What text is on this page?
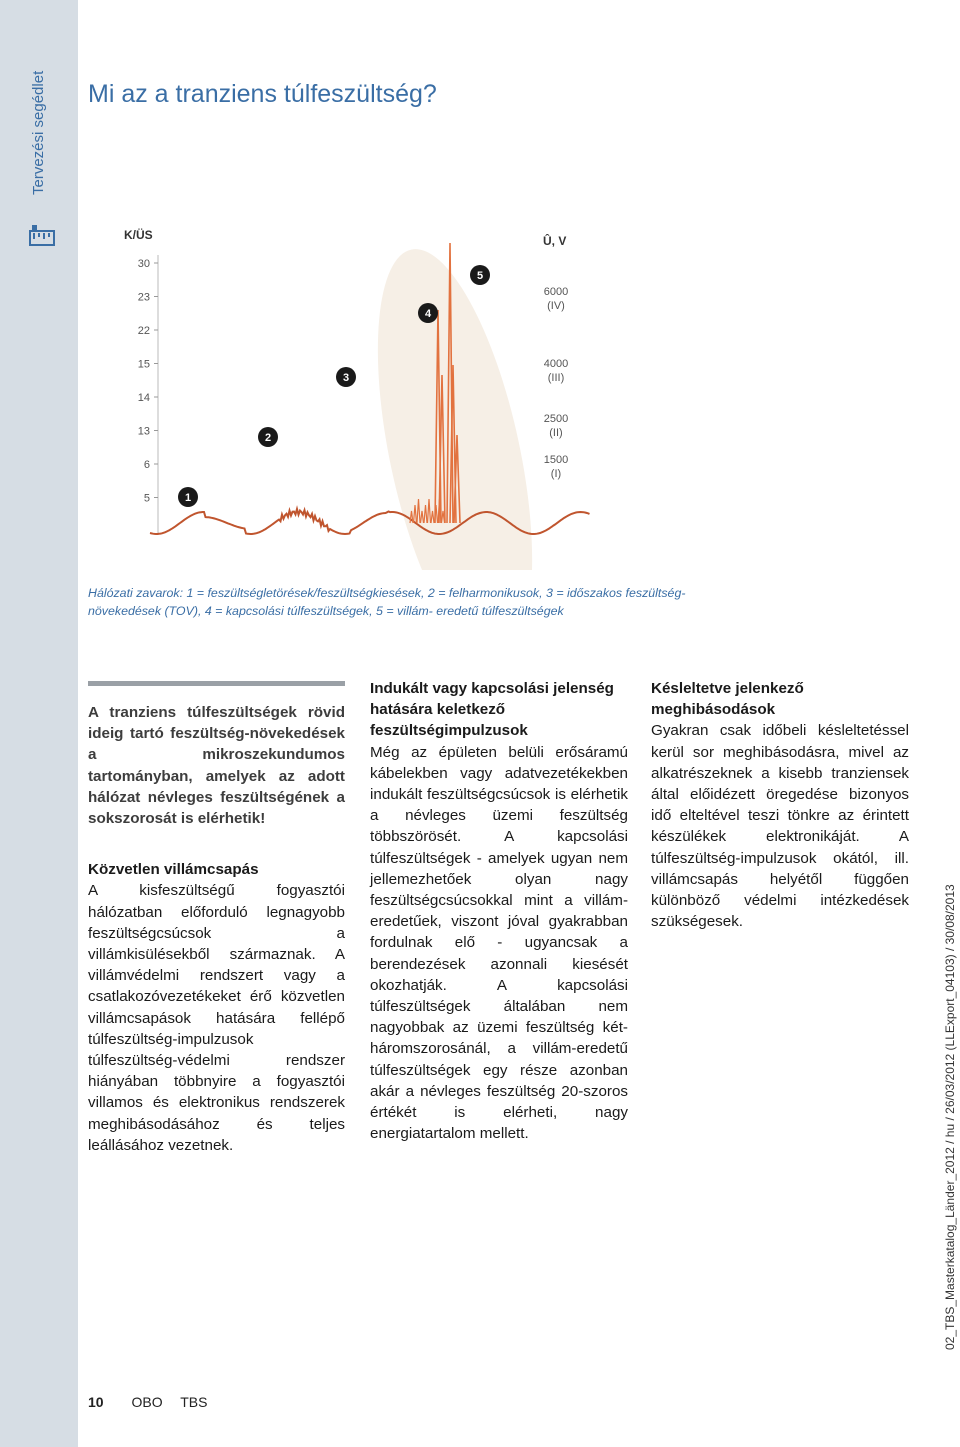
Tervezési segédlet Mi az a tranziens túlfeszültség?
K/ÜS	Û, V
30
23
22
15
14
13
6
5
6000
(IV)
4000
(III)
2500
(II)
1500
(I)
1
2
3
4
5
Hálózati zavarok: 1 = feszültségletörések/feszültségkiesések, 2 = felharmonikusok, 3 = időszakos feszültség-növekedések (TOV), 4 = kapcsolási túlfeszültségek, 5 = villám- eredetű túlfeszültségek

A tranziens túlfeszültségek rövid ideig tartó feszültség-növekedések a mikroszekundumos tartományban, amelyek az adott hálózat névleges feszültségének a sokszorosát is elérhetik!

Közvetlen villámcsapás

A kisfeszültségű fogyasztói hálózatban előforduló legnagyobb feszültségcsúcsok a villámkisülésekből származnak. A villámvédelmi rendszert vagy a csatlakozóvezetékeket érő közvetlen villámcsapások hatására fellépő túlfeszültség-impulzusok túlfeszültség-védelmi rendszer hiányában többnyire a fogyasztói villamos és elektronikus rendszerek meghibásodásához és teljes leállásához vezetnek.

Indukált vagy kapcsolási jelenség hatására keletkező feszültségimpulzusok

Még az épületen belüli erősáramú kábelekben vagy adatvezetékekben indukált feszültségcsúcsok is elérhetik a névleges üzemi feszültség többszörösét. A kapcsolási túlfeszültségek - amelyek ugyan nem jellemezhetőek olyan nagy feszültségcsúcsokkal mint a villám-eredetűek, viszont jóval gyakrabban fordulnak elő - ugyancsak a berendezések azonnali kiesését okozhatják. A kapcsolási túlfeszültségek általában nem nagyobbak az üzemi feszültség két- háromszorosánál, a villám-eredetű túlfeszültségek egy része azonban akár a névleges feszültség 20-szoros értékét is elérheti, nagy energiatartalom mellett.

Késleltetve jelenkező meghibásodások

Gyakran csak időbeli késleltetéssel kerül sor meghibásodásra, mivel az alkatrészeknek a kisebb tranziensek által előidézett öregedése bizonyos idő elteltével teszi tönkre az érintett készülékek elektronikáját. A túlfeszültség-impulzusok okától, ill. villámcsapás helyétől függően különböző védelmi intézkedések szükségesek.	02_TBS_Masterkatalog_Länder_2012 / hu / 26/03/2012 (LLExport_04103) / 30/08/2013
10 OBO TBS
